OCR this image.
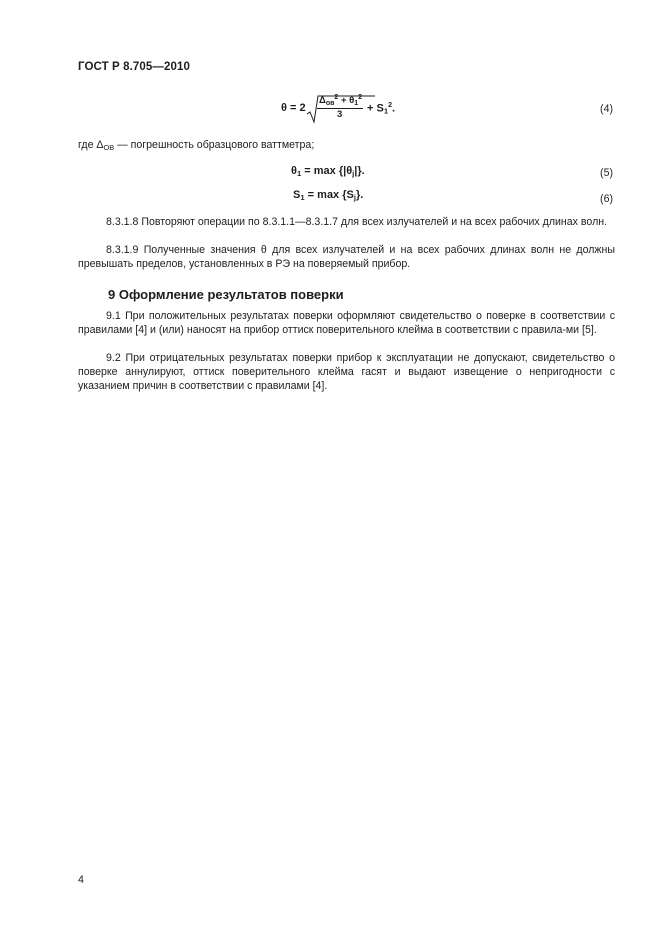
ГОСТ Р 8.705—2010
θ = 2
$\Delta_{ов}^2 + \theta_1^2$
$3 + S_1^2$.	(4)
где $\Delta_{ОВ}$ — погрешность образцового ваттметра;
$\theta_1 = \max \{|\theta_j|\}$.	(5)
$S_1 = \max \{S_j\}$.	(6)
8.3.1.8 Повторяют операции по 8.3.1.1—8.3.1.7 для всех излучателей и на всех рабочих длинах волн.
8.3.1.9 Полученные значения θ для всех излучателей и на всех рабочих длинах волн не должны превышать пределов, установленных в РЭ на поверяемый прибор.
9 Оформление результатов поверки
9.1 При положительных результатах поверки оформляют свидетельство о поверке в соответствии с правилами [4] и (или) наносят на прибор оттиск поверительного клейма в соответствии с правила-ми [5].
9.2 При отрицательных результатах поверки прибор к эксплуатации не допускают, свидетельство о поверке аннулируют, оттиск поверительного клейма гасят и выдают извещение о непригодности с указанием причин в соответствии с правилами [4].
4
